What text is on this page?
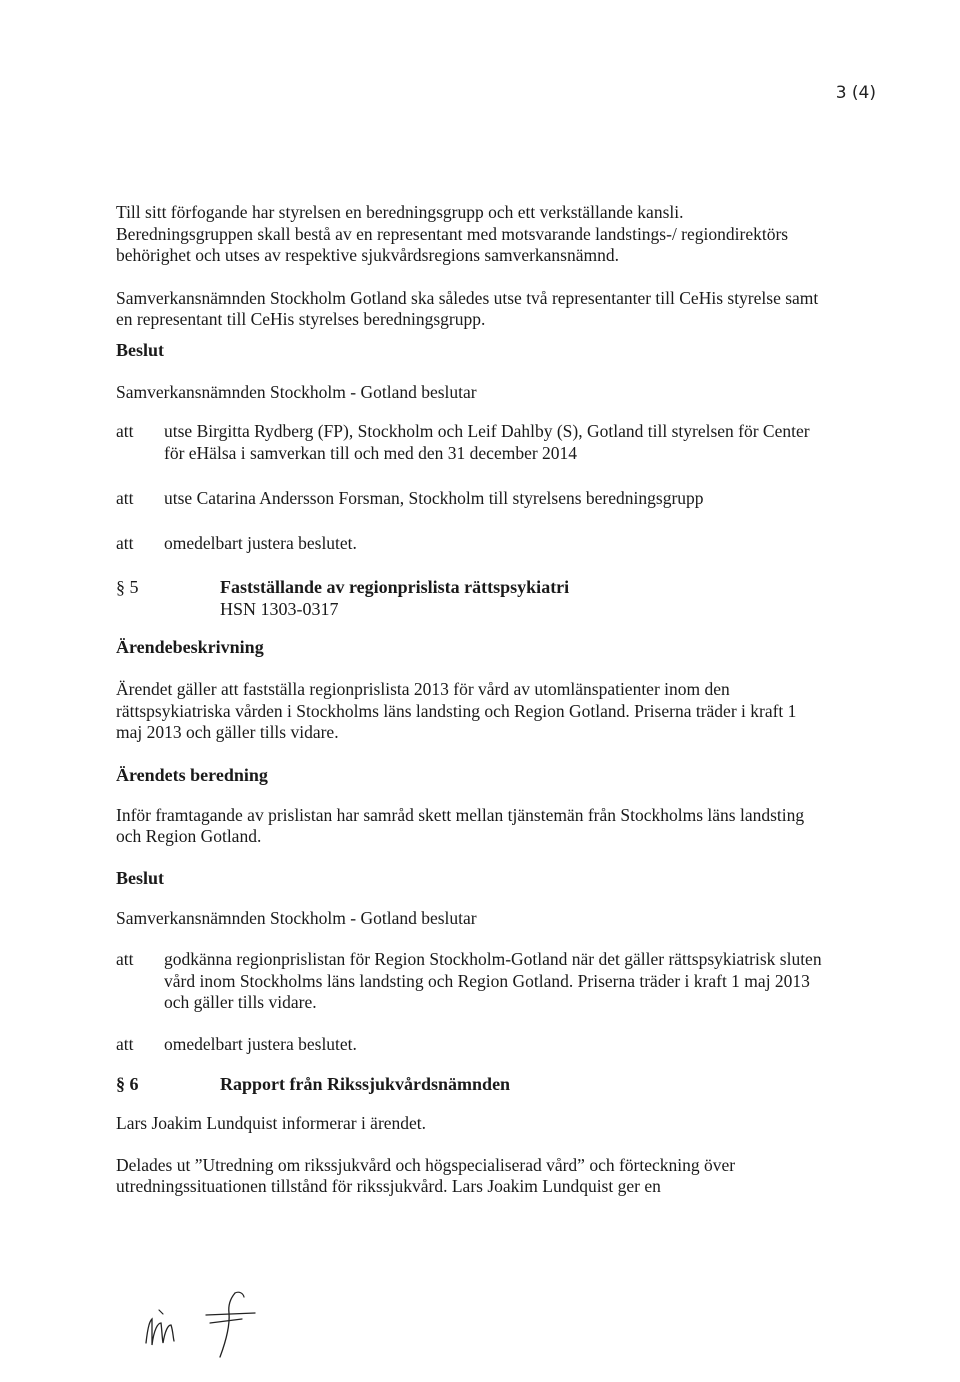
3 (4)

Till sitt förfogande har styrelsen en beredningsgrupp och ett verkställande kansli. Beredningsgruppen skall bestå av en representant med motsvarande landstings-/ regiondirektörs behörighet och utses av respektive sjukvårdsregions samverkansnämnd.

Samverkansnämnden Stockholm Gotland ska således utse två representanter till CeHis styrelse samt en representant till CeHis styrelses beredningsgrupp.

Beslut

Samverkansnämnden Stockholm - Gotland beslutar

att	utse Birgitta Rydberg (FP), Stockholm och Leif Dahlby (S), Gotland till styrelsen för Center för eHälsa i samverkan till och med den 31 december 2014
att	utse Catarina Andersson Forsman, Stockholm till styrelsens beredningsgrupp
att	omedelbart justera beslutet.
§ 5	Fastställande av regionprislista rättspsykiatri
HSN 1303-0317

Ärendebeskrivning

Ärendet gäller att fastställa regionprislista 2013 för vård av utomlänspatienter inom den rättspsykiatriska vården i Stockholms läns landsting och Region Gotland. Priserna träder i kraft 1 maj 2013 och gäller tills vidare.

Ärendets beredning

Inför framtagande av prislistan har samråd skett mellan tjänstemän från Stockholms läns landsting och Region Gotland.

Beslut

Samverkansnämnden Stockholm - Gotland beslutar

att	godkänna regionprislistan för Region Stockholm-Gotland när det gäller rättspsykiatrisk sluten vård inom Stockholms läns landsting och Region Gotland. Priserna träder i kraft 1 maj 2013 och gäller tills vidare.
att	omedelbart justera beslutet.
§ 6	Rapport från Rikssjukvårdsnämnden

Lars Joakim Lundquist informerar i ärendet.

Delades ut ”Utredning om rikssjukvård och högspecialiserad vård” och förteckning över utredningssituationen tillstånd för rikssjukvård. Lars Joakim Lundquist ger en
